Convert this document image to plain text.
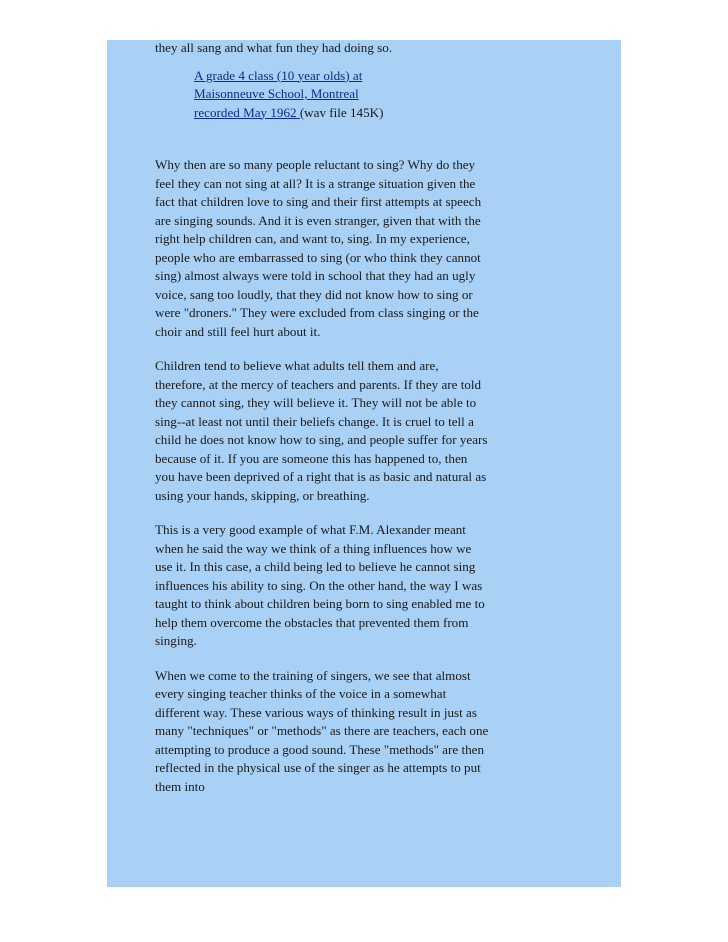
they all sang and what fun they had doing so.

A grade 4 class (10 year olds) at
Maisonneuve School, Montreal
recorded May 1962 (wav file 145K)

Why then are so many people reluctant to sing? Why do they feel they can not sing at all? It is a strange situation given the fact that children love to sing and their first attempts at speech are singing sounds. And it is even stranger, given that with the right help children can, and want to, sing. In my experience, people who are embarrassed to sing (or who think they cannot sing) almost always were told in school that they had an ugly voice, sang too loudly, that they did not know how to sing or were "droners." They were excluded from class singing or the choir and still feel hurt about it.

Children tend to believe what adults tell them and are, therefore, at the mercy of teachers and parents. If they are told they cannot sing, they will believe it. They will not be able to sing--at least not until their beliefs change. It is cruel to tell a child he does not know how to sing, and people suffer for years because of it. If you are someone this has happened to, then you have been deprived of a right that is as basic and natural as using your hands, skipping, or breathing.

This is a very good example of what F.M. Alexander meant when he said the way we think of a thing influences how we use it. In this case, a child being led to believe he cannot sing influences his ability to sing. On the other hand, the way I was taught to think about children being born to sing enabled me to help them overcome the obstacles that prevented them from singing.

When we come to the training of singers, we see that almost every singing teacher thinks of the voice in a somewhat different way. These various ways of thinking result in just as many "techniques" or "methods" as there are teachers, each one attempting to produce a good sound. These "methods" are then reflected in the physical use of the singer as he attempts to put them into
